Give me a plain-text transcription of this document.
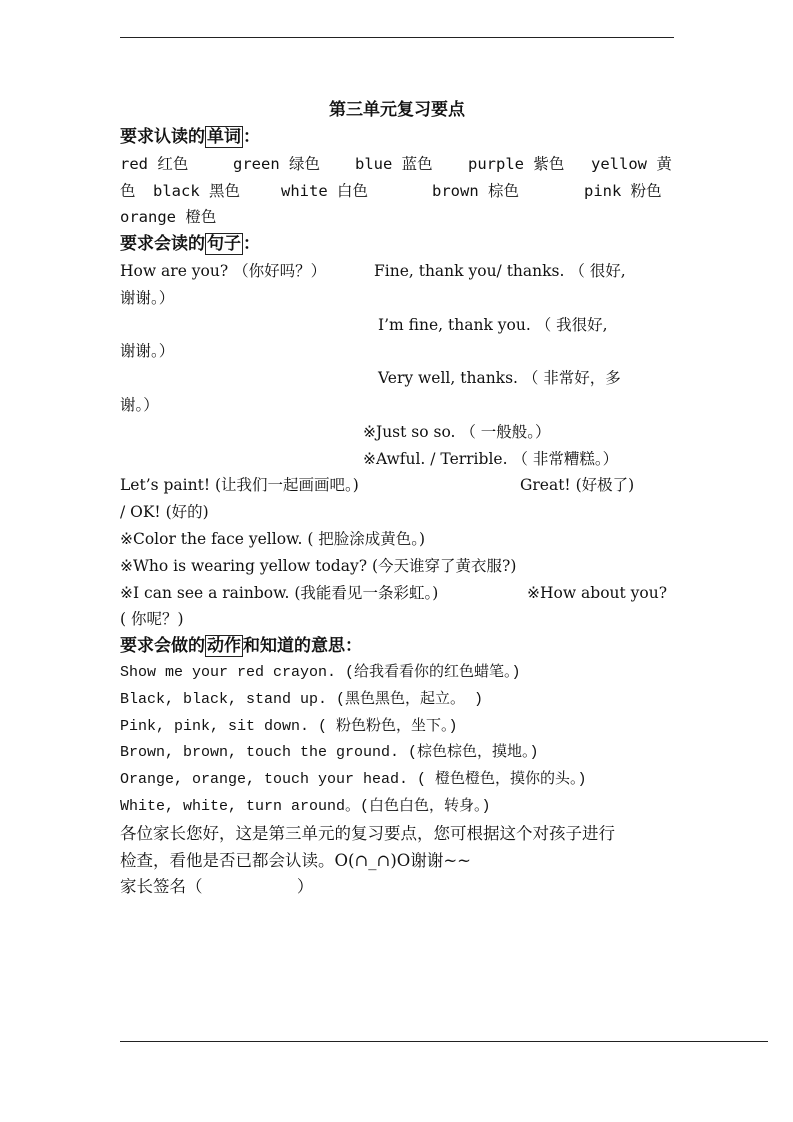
第三单元复习要点
要求认读的 单词 ：
red 红色	green 绿色 blue 蓝色 purple 紫色 yellow 黄
色 black 黑色	white 白色	brown 棕色	pink 粉色
orange 橙色
要求会读的 句子 ：
How are you? （你好吗？）	Fine, thank you/ thanks. （ 很好,
谢谢。）
I’m fine, thank you. （ 我很好,
谢谢。）
Very well, thanks. （ 非常好，多
谢。）
※Just so so. （ 一般般。）
※Awful. / Terrible. （ 非常糟糕。）
Let’s paint! (让我们一起画画吧。)	Great! (好极了)
/ OK! (好的)
※Color the face yellow. ( 把脸涂成黄色。)
※Who is wearing yellow today? (今天谁穿了黄衣服?)
※I can see a rainbow. (我能看见一条彩虹。)	※How about you?
( 你呢？)
要求会做的 动作 和知道的意思：
Show me your red crayon. (给我看看你的红色蜡笔。)
Black, black, stand up. (黑色黑色，起立。 )
Pink, pink, sit down. ( 粉色粉色，坐下。)
Brown, brown, touch the ground. (棕色棕色，摸地。)
Orange, orange, touch your head. ( 橙色橙色，摸你的头。)
White, white, turn around。(白色白色，转身。)
各位家长您好，这是第三单元的复习要点，您可根据这个对孩子进行
检查，看他是否已都会认读。O(∩_∩)O谢谢~~
家长签名（                  ）
